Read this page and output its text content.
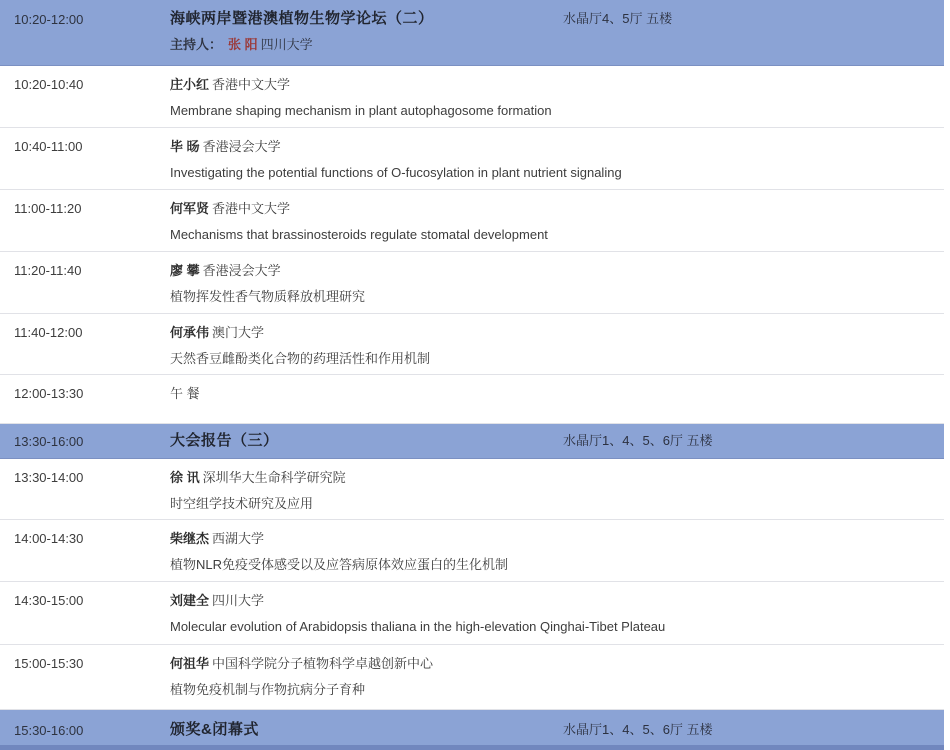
10:20-12:00	海峡两岸暨港澳植物生物学论坛（二）
主持人： 张 阳 四川大学
水晶厅4、5厅 五楼
10:20-10:40	庄小红 香港中文大学
Membrane shaping mechanism in plant autophagosome formation
10:40-11:00	毕 旸 香港浸会大学
Investigating the potential functions of O-fucosylation in plant nutrient signaling
11:00-11:20	何军贤 香港中文大学
Mechanisms that brassinosteroids regulate stomatal development
11:20-11:40	廖 攀 香港浸会大学
植物挥发性香气物质释放机理研究
11:40-12:00	何承伟 澳门大学
天然香豆雌酚类化合物的药理活性和作用机制
12:00-13:30	午 餐
13:30-16:00	大会报告（三）	水晶厅1、4、5、6厅 五楼
13:30-14:00	徐 讯 深圳华大生命科学研究院
时空组学技术研究及应用
14:00-14:30	柴继杰 西湖大学
植物NLR免疫受体感受以及应答病原体效应蛋白的生化机制
14:30-15:00	刘建全 四川大学
Molecular evolution of Arabidopsis thaliana in the high-elevation Qinghai-Tibet Plateau
15:00-15:30	何祖华 中国科学院分子植物科学卓越创新中心
植物免疫机制与作物抗病分子育种
15:30-16:00	颁奖&闭幕式	水晶厅1、4、5、6厅 五楼
